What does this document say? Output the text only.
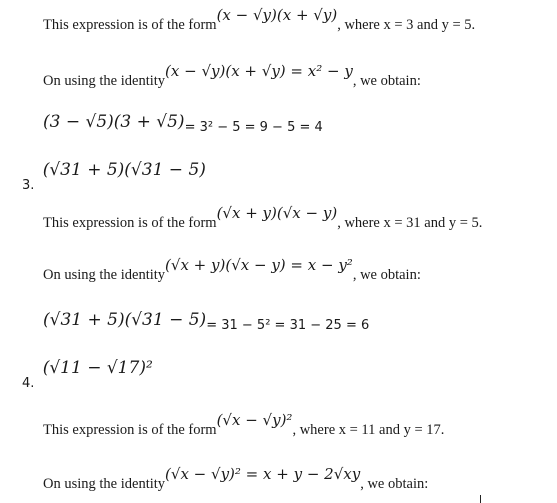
This expression is of the form(x − √y)(x + √y), where x = 3 and y = 5.
On using the identity(x − √y)(x + √y) = x² − y, we obtain:
(3 − √5)(3 + √5)= 3² − 5 = 9 − 5 = 4
3. (√31 + 5)(√31 − 5)
This expression is of the form(√x + y)(√x − y), where x = 31 and y = 5.
On using the identity(√x + y)(√x − y) = x − y², we obtain:
(√31 + 5)(√31 − 5)= 31 − 5² = 31 − 25 = 6
4. (√11 − √17)²
This expression is of the form(√x − √y)², where x = 11 and y = 17.
On using the identity(√x − √y)² = x + y − 2√xy, we obtain:
